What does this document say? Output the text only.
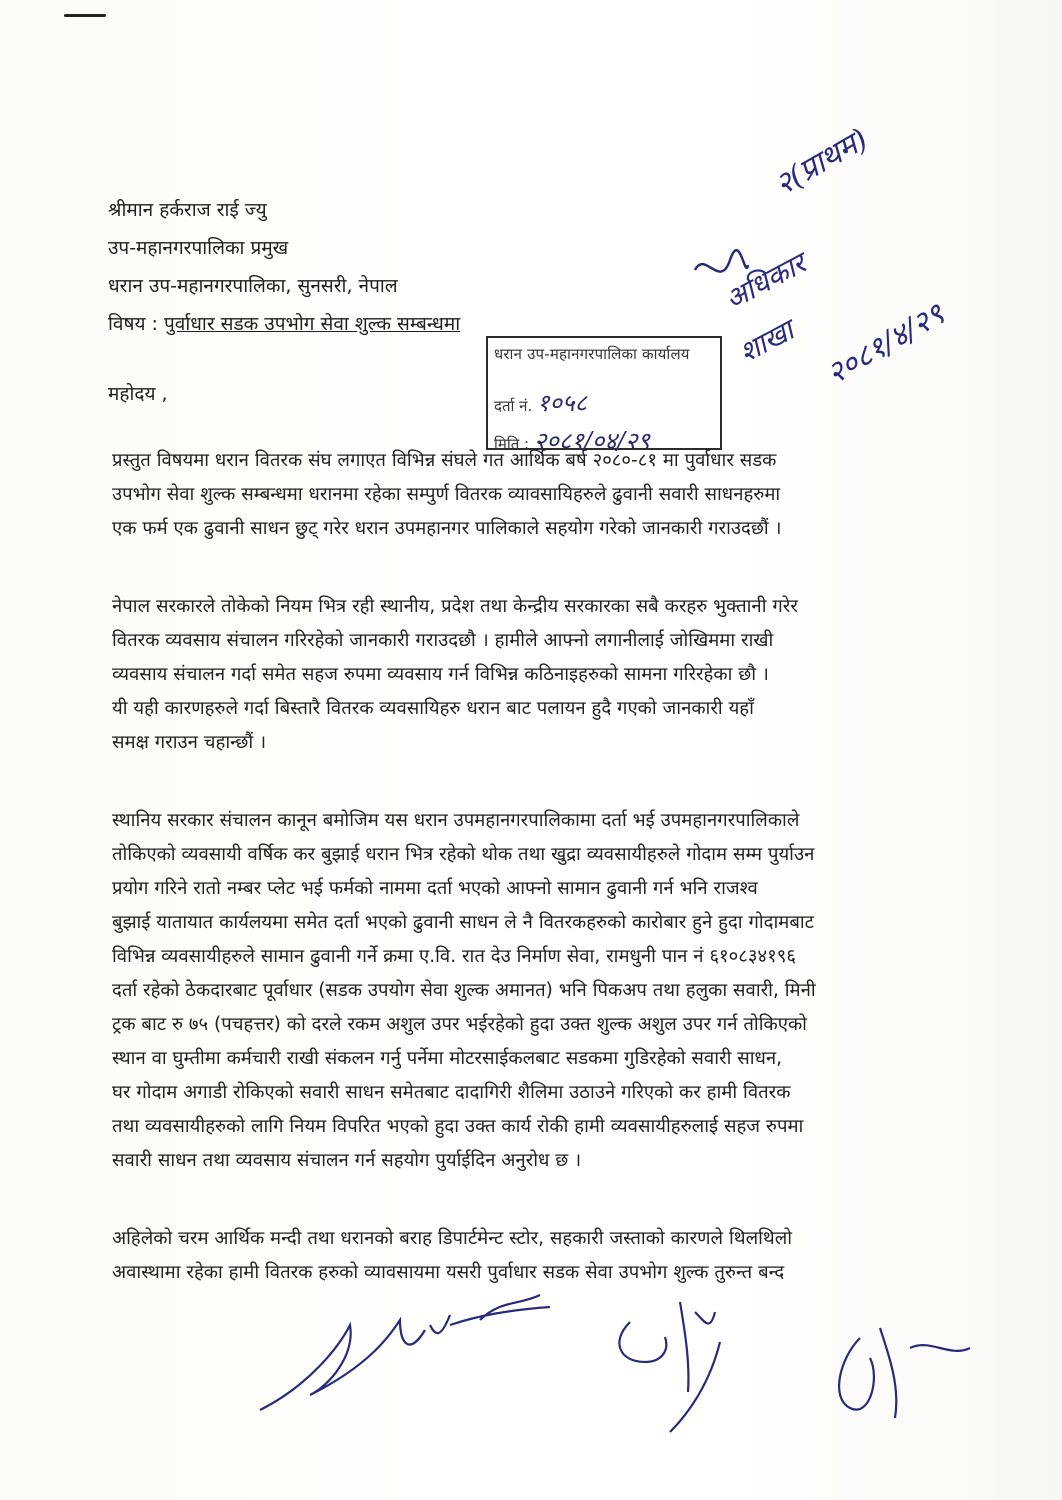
श्रीमान हर्कराज राई ज्यु
उप-महानगरपालिका प्रमुख
धरान उप-महानगरपालिका, सुनसरी, नेपाल
विषय : पुर्वाधार सडक उपभोग सेवा शुल्क सम्बन्धमा
महोदय ,
धरान उप-महानगरपालिका कार्यालय
दर्ता नं. १०५८
मिति : २०८१/०४/२९
२(प्राथम)
अधिकार
शाखा २०८१/४/२९
प्रस्तुत विषयमा धरान वितरक संघ लगाएत विभिन्न संघले गत आर्थिक बर्ष २०८०-८१ मा पुर्वाधार सडक
उपभोग सेवा शुल्क सम्बन्धमा धरानमा रहेका सम्पुर्ण वितरक व्यावसायिहरुले ढुवानी सवारी साधनहरुमा
एक फर्म एक ढुवानी साधन छुट् गरेर धरान उपमहानगर पालिकाले सहयोग गरेको जानकारी गराउदछौं ।
नेपाल सरकारले तोकेको नियम भित्र रही स्थानीय, प्रदेश तथा केन्द्रीय सरकारका सबै करहरु भुक्तानी गरेर
वितरक व्यवसाय संचालन गरिरहेको जानकारी गराउदछौ । हामीले आफ्नो लगानीलाई जोखिममा राखी
व्यवसाय संचालन गर्दा समेत सहज रुपमा व्यवसाय गर्न विभिन्न कठिनाइहरुको सामना गरिरहेका छौ ।
यी यही कारणहरुले गर्दा बिस्तारै वितरक व्यवसायिहरु धरान बाट पलायन हुदै गएको जानकारी यहाँ
समक्ष गराउन चहान्छौं ।
स्थानिय सरकार संचालन कानून बमोजिम यस धरान उपमहानगरपालिकामा दर्ता भई उपमहानगरपालिकाले
तोकिएको व्यवसायी वर्षिक कर बुझाई धरान भित्र रहेको थोक तथा खुद्रा व्यवसायीहरुले गोदाम सम्म पुर्याउन
प्रयोग गरिने रातो नम्बर प्लेट भई फर्मको नाममा दर्ता भएको आफ्नो सामान ढुवानी गर्न भनि राजश्व
बुझाई यातायात कार्यलयमा समेत दर्ता भएको ढुवानी साधन ले नै वितरकहरुको कारोबार हुने हुदा गोदामबाट
विभिन्न व्यवसायीहरुले सामान ढुवानी गर्ने क्रमा ए.वि. रात देउ निर्माण सेवा, रामधुनी पान नं ६१०८३४१९६
दर्ता रहेको ठेकदारबाट पूर्वाधार (सडक उपयोग सेवा शुल्क अमानत) भनि पिकअप तथा हलुका सवारी, मिनी
ट्रक बाट रु ७५ (पचहत्तर) को दरले रकम अशुल उपर भईरहेको हुदा उक्त शुल्क अशुल उपर गर्न तोकिएको
स्थान वा घुम्तीमा कर्मचारी राखी संकलन गर्नु पर्नेमा मोटरसाईकलबाट सडकमा गुडिरहेको सवारी साधन,
घर गोदाम अगाडी रोकिएको सवारी साधन समेतबाट दादागिरी शैलिमा उठाउने गरिएको कर हामी वितरक
तथा व्यवसायीहरुको लागि नियम विपरित भएको हुदा उक्त कार्य रोकी हामी व्यवसायीहरुलाई सहज रुपमा
सवारी साधन तथा व्यवसाय संचालन गर्न सहयोग पुर्याईदिन अनुरोध छ ।
अहिलेको चरम आर्थिक मन्दी तथा धरानको बराह डिपार्टमेन्ट स्टोर, सहकारी जस्ताको कारणले थिलथिलो
अवास्थामा रहेका हामी वितरक हरुको व्यावसायमा यसरी पुर्वाधार सडक सेवा उपभोग शुल्क तुरुन्त बन्द
